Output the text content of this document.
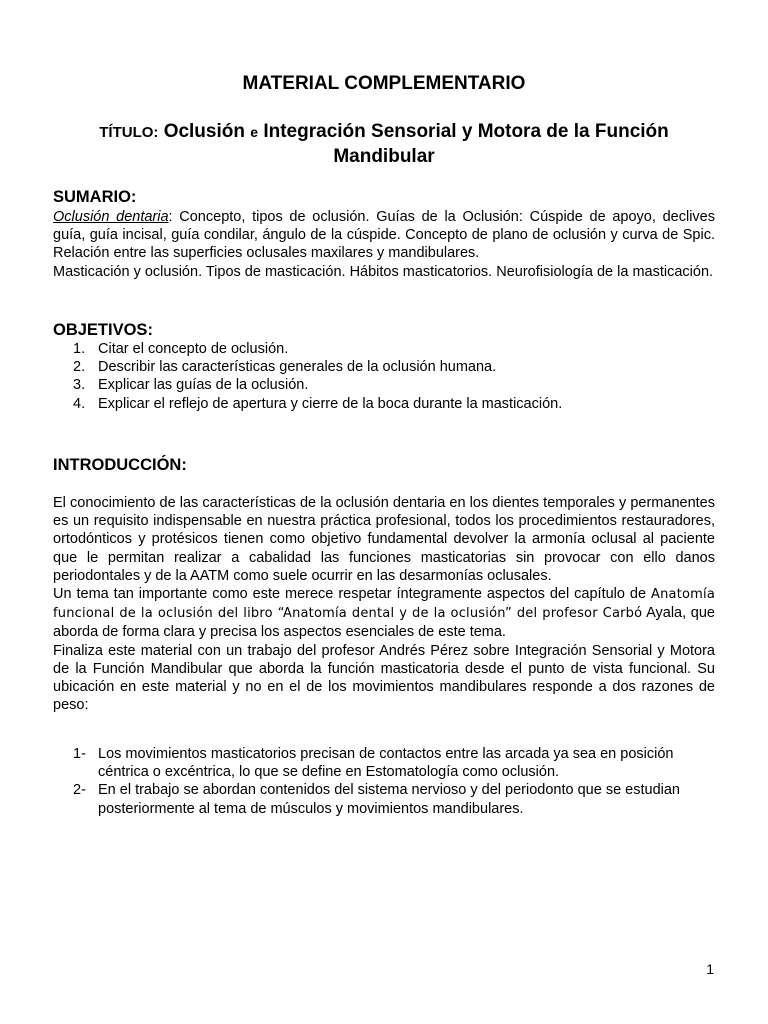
MATERIAL COMPLEMENTARIO
TÍTULO: Oclusión e Integración Sensorial y Motora de la Función Mandibular
SUMARIO:

Oclusión dentaria: Concepto, tipos de oclusión. Guías de la Oclusión: Cúspide de apoyo, declives guía, guía incisal, guía condilar, ángulo de la cúspide. Concepto de plano de oclusión y curva de Spic. Relación entre las superficies oclusales maxilares y mandibulares.

Masticación y oclusión. Tipos de masticación. Hábitos masticatorios. Neurofisiología de la masticación.

OBJETIVOS:
1. Citar el concepto de oclusión.
2. Describir las características generales de la oclusión humana.
3. Explicar las guías de la oclusión.
4. Explicar el reflejo de apertura y cierre de la boca durante la masticación.
INTRODUCCIÓN:

El conocimiento de las características de la oclusión dentaria en los dientes temporales y permanentes es un requisito indispensable en nuestra práctica profesional, todos los procedimientos restauradores, ortodónticos y protésicos tienen como objetivo fundamental devolver la armonía oclusal al paciente que le permitan realizar a cabalidad las funciones masticatorias sin provocar con ello danos periodontales y de la AATM como suele ocurrir en las desarmonías oclusales.

Un tema tan importante como este merece respetar íntegramente aspectos del capítulo de Anatomía funcional de la oclusión del libro “Anatomía dental y de la oclusión” del profesor Carbó Ayala, que aborda de forma clara y precisa los aspectos esenciales de este tema.

Finaliza este material con un trabajo del profesor Andrés Pérez sobre Integración Sensorial y Motora de la Función Mandibular que aborda la función masticatoria desde el punto de vista funcional. Su ubicación en este material y no en el de los movimientos mandibulares responde a dos razones de peso:

1- Los movimientos masticatorios precisan de contactos entre las arcada ya sea en posición céntrica o excéntrica, lo que se define en Estomatología como oclusión.
2- En el trabajo se abordan contenidos del sistema nervioso y del periodonto que se estudian posteriormente al tema de músculos y movimientos mandibulares.
1
